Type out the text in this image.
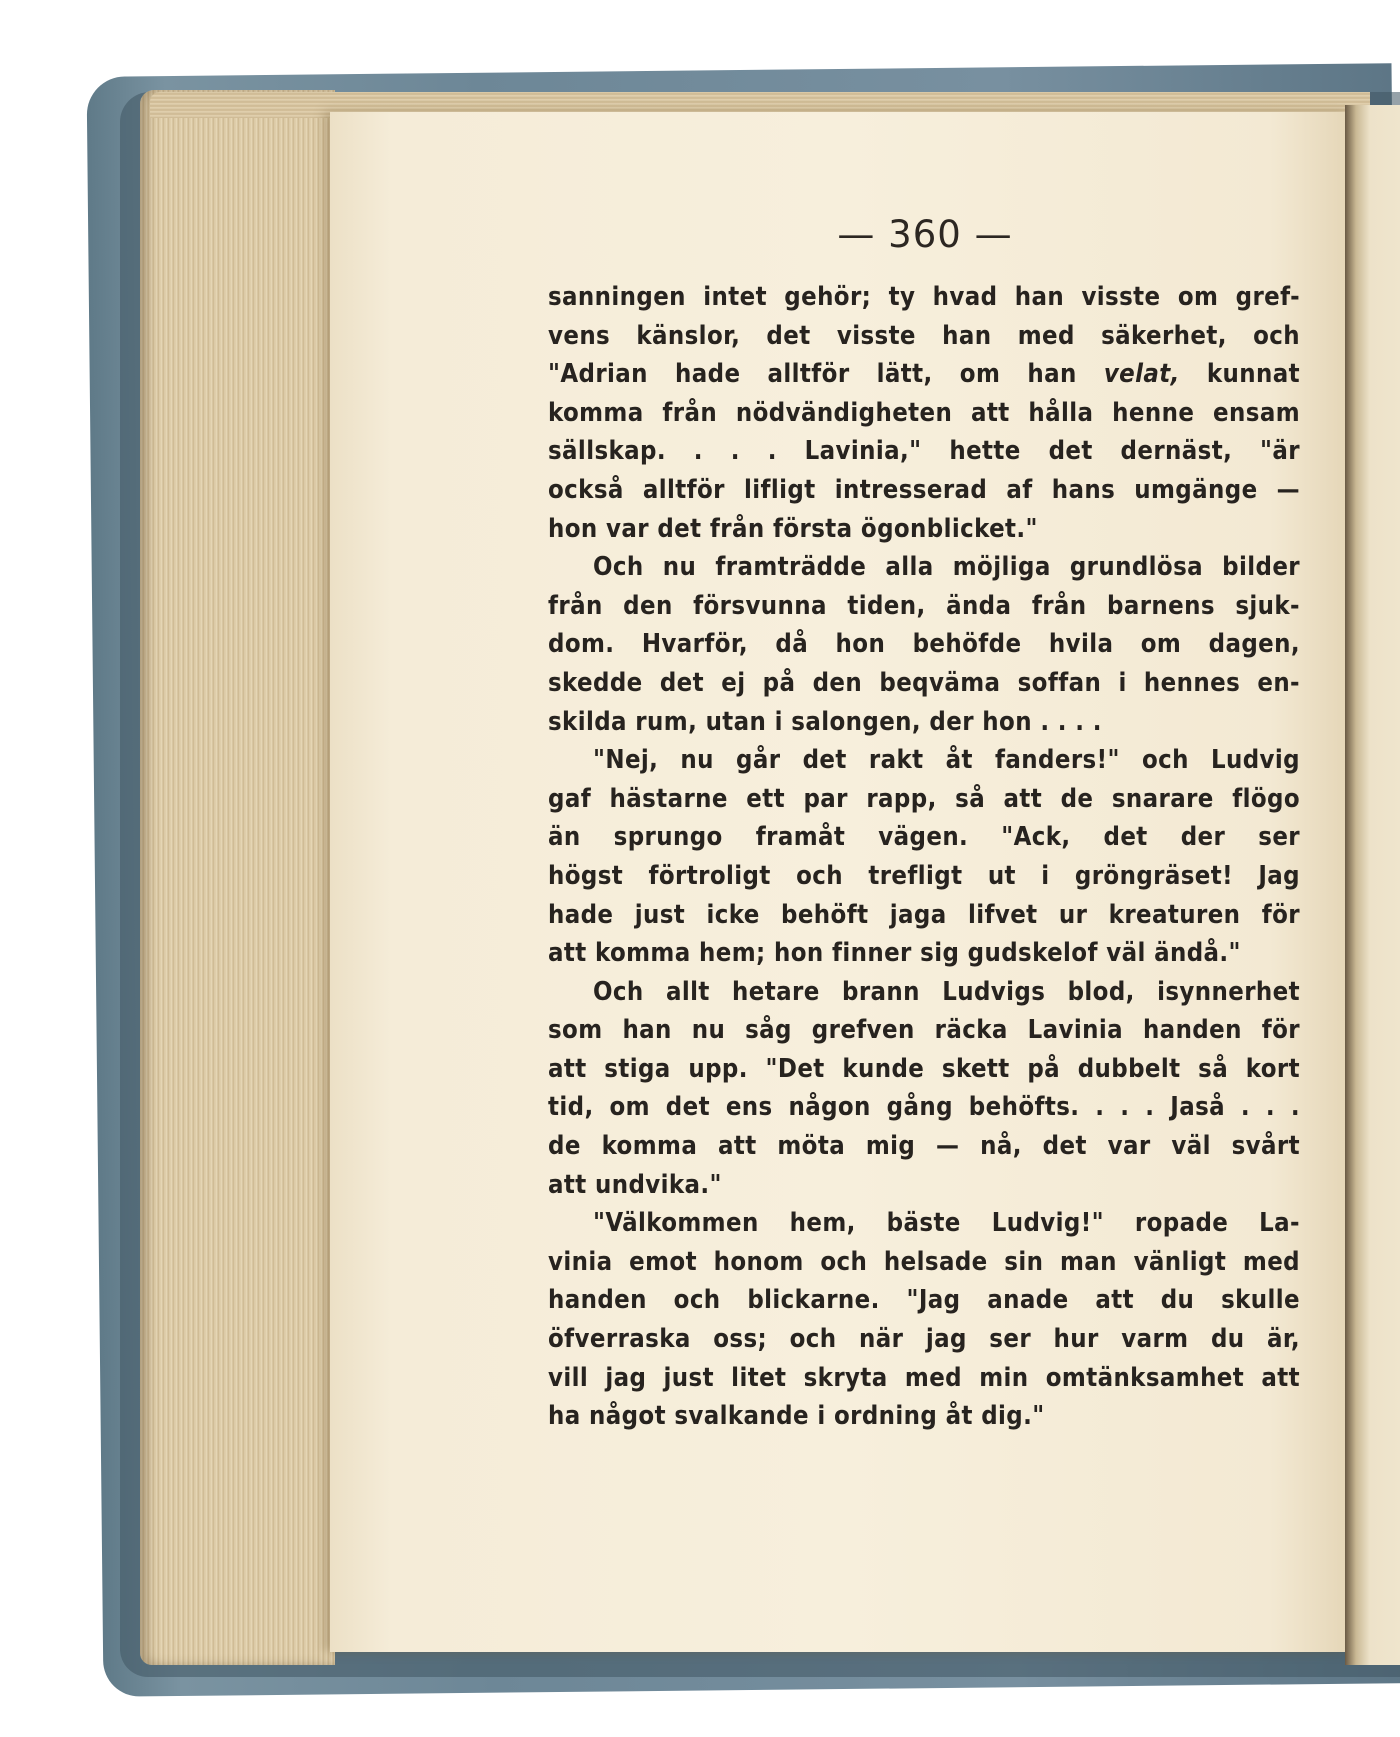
— 360 —
sanningen intet gehör; ty hvad han visste om gref-
vens känslor, det visste han med säkerhet, och
"Adrian hade alltför lätt, om han velat, kunnat
komma från nödvändigheten att hålla henne ensam
sällskap. . . . Lavinia," hette det dernäst, "är
också alltför lifligt intresserad af hans umgänge —
hon var det från första ögonblicket."
Och nu framträdde alla möjliga grundlösa bilder
från den försvunna tiden, ända från barnens sjuk-
dom. Hvarför, då hon behöfde hvila om dagen,
skedde det ej på den beqväma soffan i hennes en-
skilda rum, utan i salongen, der hon . . . .
"Nej, nu går det rakt åt fanders!" och Ludvig
gaf hästarne ett par rapp, så att de snarare flögo
än sprungo framåt vägen. "Ack, det der ser
högst förtroligt och trefligt ut i gröngräset! Jag
hade just icke behöft jaga lifvet ur kreaturen för
att komma hem; hon finner sig gudskelof väl ändå."
Och allt hetare brann Ludvigs blod, isynnerhet
som han nu såg grefven räcka Lavinia handen för
att stiga upp. "Det kunde skett på dubbelt så kort
tid, om det ens någon gång behöfts. . . . Jaså . . .
de komma att möta mig — nå, det var väl svårt
att undvika."
"Välkommen hem, bäste Ludvig!" ropade La-
vinia emot honom och helsade sin man vänligt med
handen och blickarne. "Jag anade att du skulle
öfverraska oss; och när jag ser hur varm du är,
vill jag just litet skryta med min omtänksamhet att
ha något svalkande i ordning åt dig."
